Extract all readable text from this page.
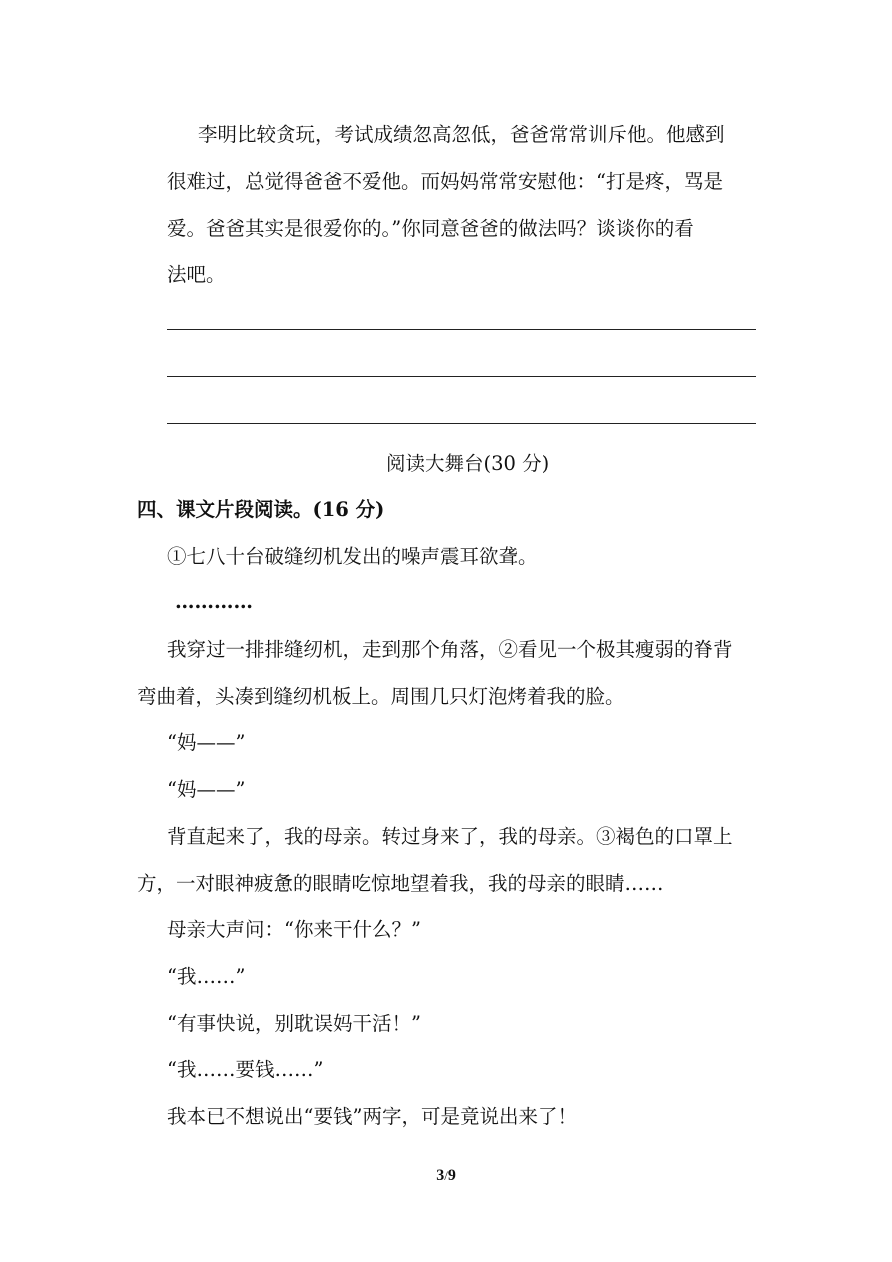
李明比较贪玩，考试成绩忽高忽低，爸爸常常训斥他。他感到
很难过，总觉得爸爸不爱他。而妈妈常常安慰他：“打是疼，骂是
爱。爸爸其实是很爱你的。”你同意爸爸的做法吗？谈谈你的看
法吧。
阅读大舞台(30 分)
四、课文片段阅读。(16 分)
①七八十台破缝纫机发出的噪声震耳欲聋。
…………
我穿过一排排缝纫机，走到那个角落，②看见一个极其瘦弱的脊背
弯曲着，头凑到缝纫机板上。周围几只灯泡烤着我的脸。
“妈——”
“妈——”
背直起来了，我的母亲。转过身来了，我的母亲。③褐色的口罩上
方，一对眼神疲惫的眼睛吃惊地望着我，我的母亲的眼睛……
母亲大声问：“你来干什么？”
“我……”
“有事快说，别耽误妈干活！”
“我……要钱……”
我本已不想说出“要钱”两字，可是竟说出来了！
3/9
